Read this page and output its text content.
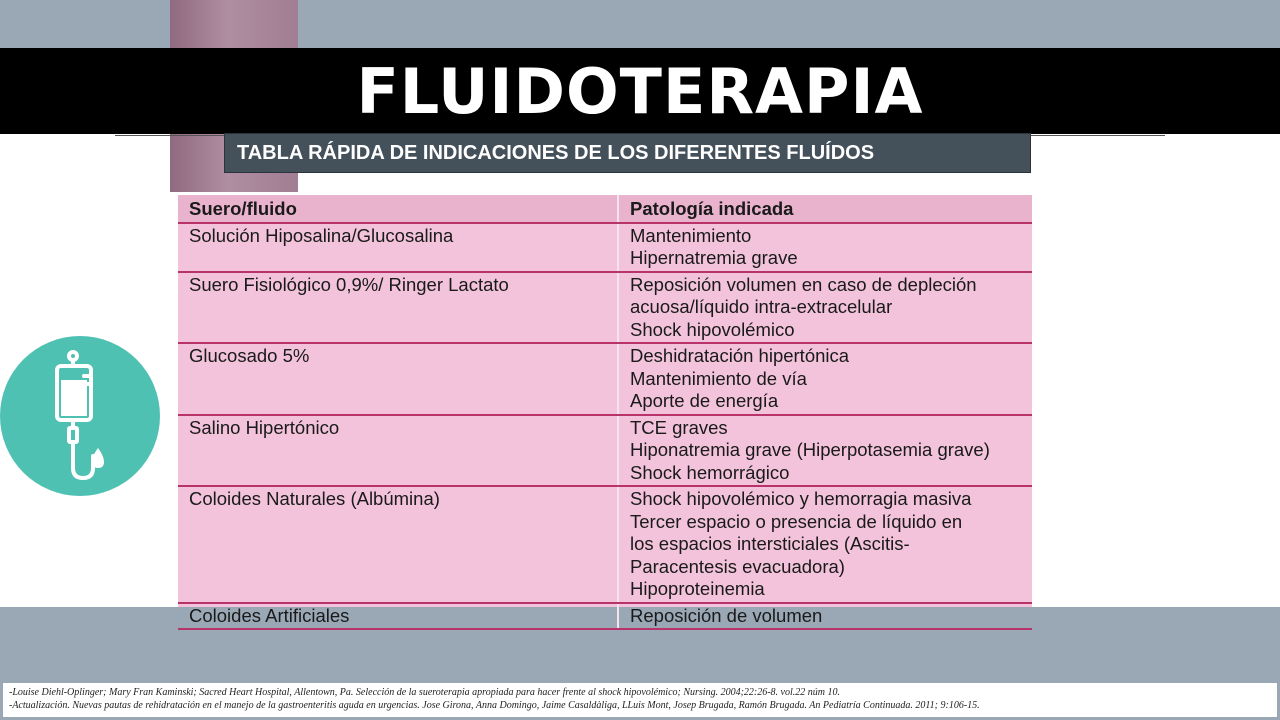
FLUIDOTERAPIA
TABLA RÁPIDA DE INDICACIONES DE LOS DIFERENTES FLUÍDOS
Suero/fluido	Patología indicada
Solución Hiposalina/Glucosalina	Mantenimiento
Hipernatremia grave

Suero Fisiológico 0,9%/ Ringer Lactato	Reposición volumen en caso de depleción
acuosa/líquido intra-extracelular
Shock hipovolémico

Glucosado 5%	Deshidratación hipertónica
Mantenimiento de vía
Aporte de energía

Salino Hipertónico	TCE graves
Hiponatremia grave (Hiperpotasemia grave)
Shock hemorrágico

Coloides Naturales (Albúmina)	Shock hipovolémico y hemorragia masiva
Tercer espacio o presencia de líquido en
los espacios intersticiales (Ascitis-
Paracentesis evacuadora)
Hipoproteinemia

Coloides Artificiales	Reposición de volumen
-Louise Diehl-Oplinger; Mary Fran Kaminski; Sacred Heart Hospital, Allentown, Pa. Selección de la sueroterapia apropiada para hacer frente al shock hipovolémico; Nursing. 2004;22:26-8. vol.22 núm 10.
-Actualización. Nuevas pautas de rehidratación en el manejo de la gastroenteritis aguda en urgencias. Jose Girona, Anna Domingo, Jaime Casaldàliga, LLuis Mont, Josep Brugada, Ramón Brugada. An Pediatría Continuada. 2011; 9:106-15.
